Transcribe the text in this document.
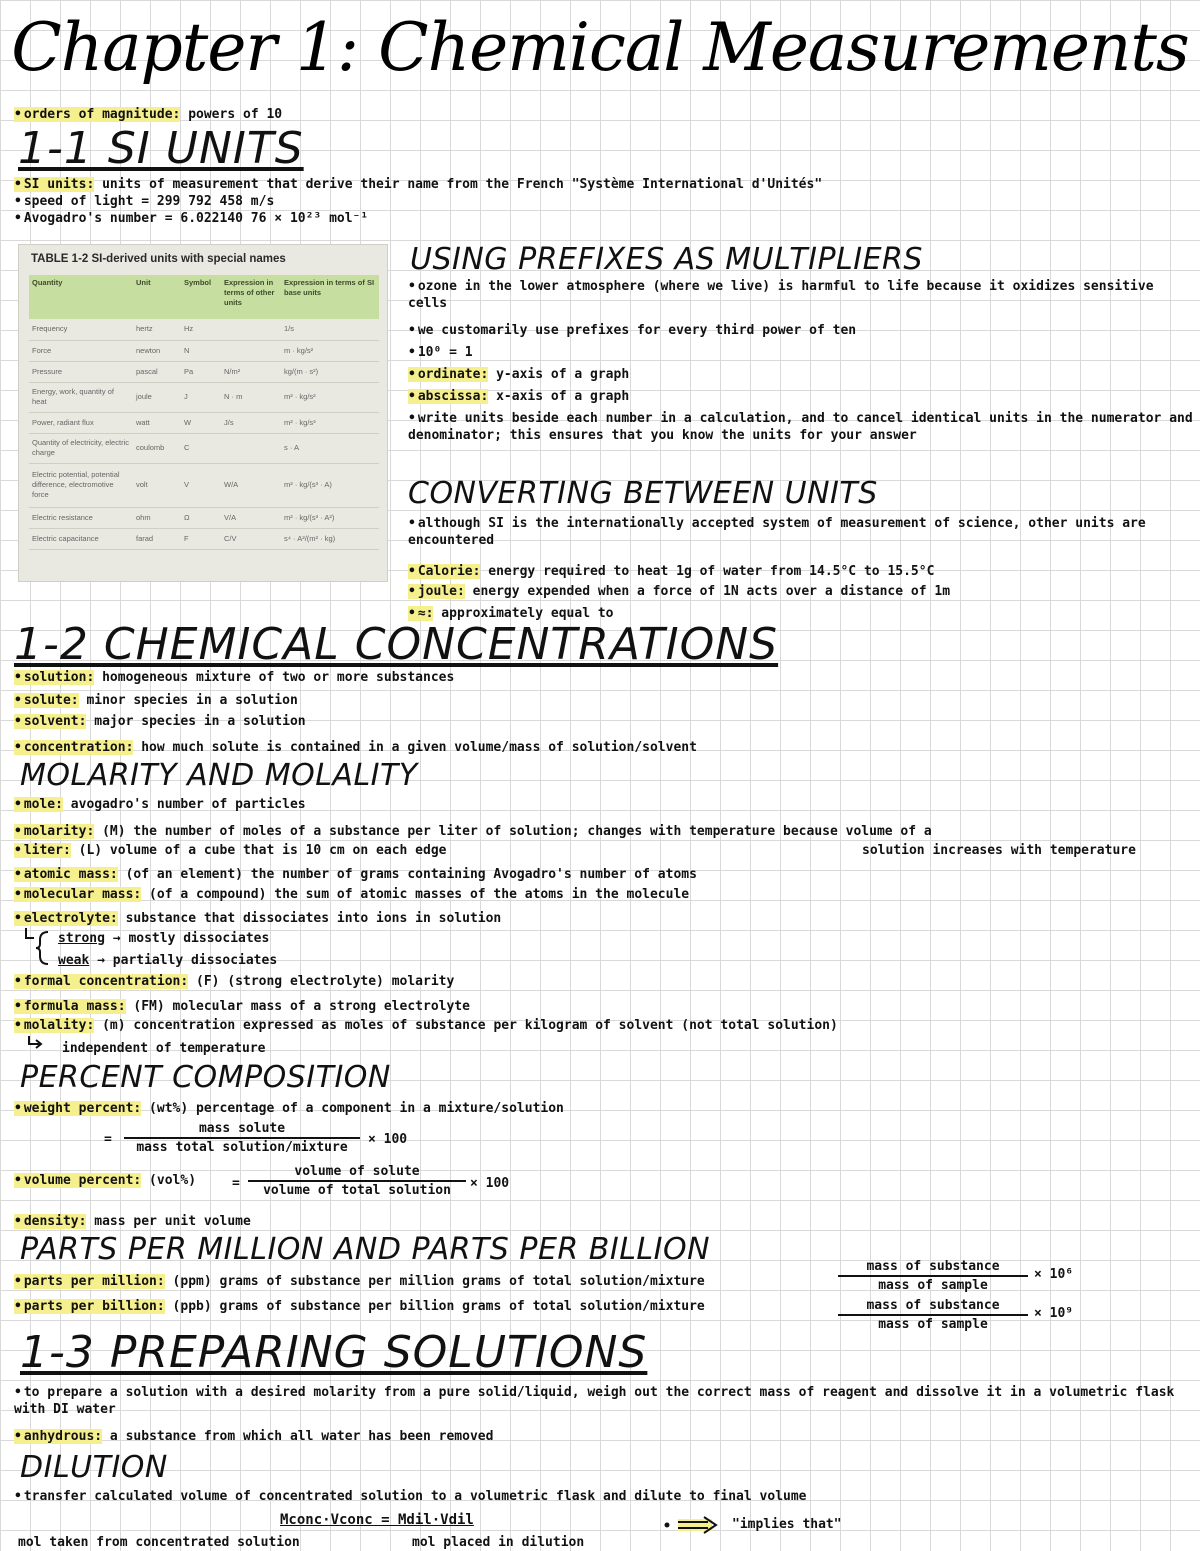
Chapter 1: Chemical Measurements
• orders of magnitude: powers of 10
1-1 SI UNITS
• SI units: units of measurement that derive their name from the French "Système International d'Unités"
• speed of light = 299 792 458 m/s
• Avogadro's number = 6.022140 76 × 10²³ mol⁻¹
TABLE 1-2 SI-derived units with special names
Quantity	Unit	Symbol	Expression in terms of other units	Expression in terms of SI base units
Frequency	hertz	Hz		1/s
Force	newton	N		m · kg/s²
Pressure	pascal	Pa	N/m²	kg/(m · s²)
Energy, work, quantity of heat	joule	J	N · m	m² · kg/s²
Power, radiant flux	watt	W	J/s	m² · kg/s³
Quantity of electricity, electric charge	coulomb	C		s · A
Electric potential, potential difference, electromotive force	volt	V	W/A	m² · kg/(s³ · A)
Electric resistance	ohm	Ω	V/A	m² · kg/(s³ · A²)
Electric capacitance	farad	F	C/V	s⁴ · A²/(m² · kg)
USING PREFIXES AS MULTIPLIERS
• ozone in the lower atmosphere (where we live) is harmful to life because it oxidizes sensitive cells
• we customarily use prefixes for every third power of ten
• 10⁰ = 1
• ordinate: y-axis of a graph
• abscissa: x-axis of a graph
• write units beside each number in a calculation, and to cancel identical units in the numerator and denominator; this ensures that you know the units for your answer
CONVERTING BETWEEN UNITS
• although SI is the internationally accepted system of measurement of science, other units are encountered
• Calorie: energy required to heat 1g of water from 14.5°C to 15.5°C
• joule: energy expended when a force of 1N acts over a distance of 1m
• ≈: approximately equal to
1-2 CHEMICAL CONCENTRATIONS
• solution: homogeneous mixture of two or more substances
• solute: minor species in a solution
• solvent: major species in a solution
• concentration: how much solute is contained in a given volume/mass of solution/solvent
MOLARITY AND MOLALITY
• mole: avogadro's number of particles
• molarity: (M) the number of moles of a substance per liter of solution; changes with temperature because volume of a
• liter: (L) volume of a cube that is 10 cm on each edge	solution increases with temperature
• atomic mass: (of an element) the number of grams containing Avogadro's number of atoms
• molecular mass: (of a compound) the sum of atomic masses of the atoms in the molecule
• electrolyte: substance that dissociates into ions in solution
strong → mostly dissociates
weak → partially dissociates
• formal concentration: (F) (strong electrolyte) molarity
• formula mass: (FM) molecular mass of a strong electrolyte
• molality: (m) concentration expressed as moles of substance per kilogram of solvent (not total solution)
independent of temperature
PERCENT COMPOSITION
• weight percent: (wt%) percentage of a component in a mixture/solution
=
mass solute
mass total solution/mixture
× 100
• volume percent: (vol%)	=
volume of solute
volume of total solution	× 100
• density: mass per unit volume
PARTS PER MILLION AND PARTS PER BILLION
• parts per million: (ppm) grams of substance per million grams of total solution/mixture
• parts per billion: (ppb) grams of substance per billion grams of total solution/mixture
mass of substance
mass of sample
× 10⁶
mass of substance
mass of sample
× 10⁹
1-3 PREPARING SOLUTIONS
• to prepare a solution with a desired molarity from a pure solid/liquid, weigh out the correct mass of reagent and dissolve it in a volumetric flask with DI water
• anhydrous: a substance from which all water has been removed
DILUTION
• transfer calculated volume of concentrated solution to a volumetric flask and dilute to final volume
Mconc·Vconc = Mdil·Vdil
mol taken from concentrated solution	mol placed in dilution
"implies that"
